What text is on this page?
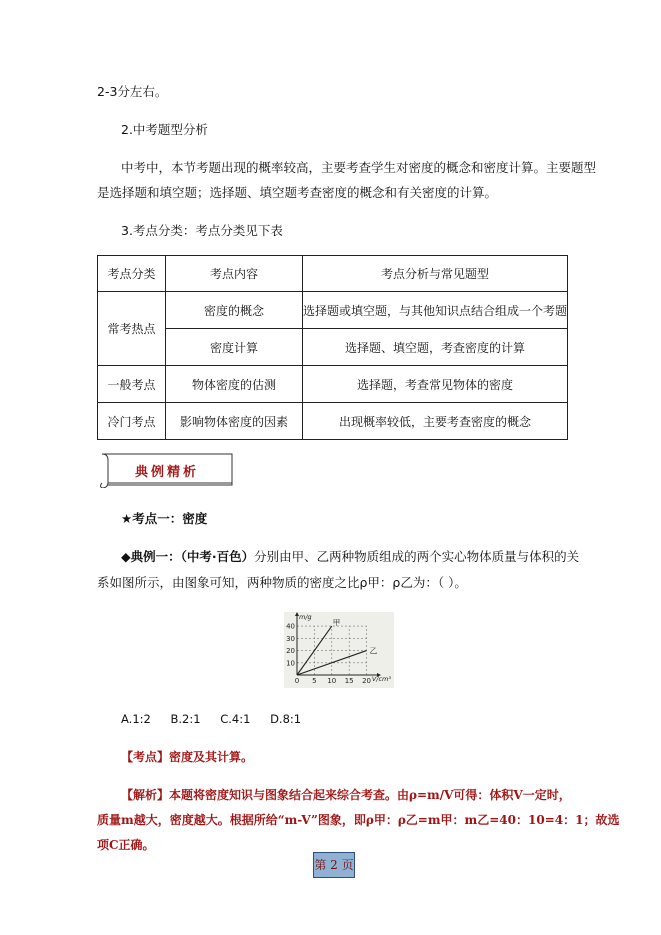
2-3分左右。
2.中考题型分析
中考中，本节考题出现的概率较高，主要考查学生对密度的概念和密度计算。主要题型
是选择题和填空题；选择题、填空题考查密度的概念和有关密度的计算。
3.考点分类：考点分类见下表
考点分类	考点内容	考点分析与常见题型
常考热点	密度的概念	选择题或填空题，与其他知识点结合组成一个考题
	密度计算	选择题、填空题，考查密度的计算
一般考点	物体密度的估测	选择题，考查常见物体的密度
冷门考点	影响物体密度的因素	出现概率较低，主要考查密度的概念
典例精析
★考点一：密度
◆典例一：（中考·百色）分别由甲、乙两种物质组成的两个实心物体质量与体积的关
系如图所示，由图象可知，两种物质的密度之比ρ甲：ρ乙为：（ ）。
10
20
30
40
0 5 10 15 20
甲
乙
m/g
V/cm³
A.1:2 B.2:1 C.4:1 D.8:1
【考点】密度及其计算。
【解析】本题将密度知识与图象结合起来综合考查。由ρ=m/V可得：体积V一定时，
质量m越大，密度越大。根据所给“m-V”图象，即ρ甲：ρ乙=m甲：m乙=40：10=4：1；故选
项C正确。
第 2 页
